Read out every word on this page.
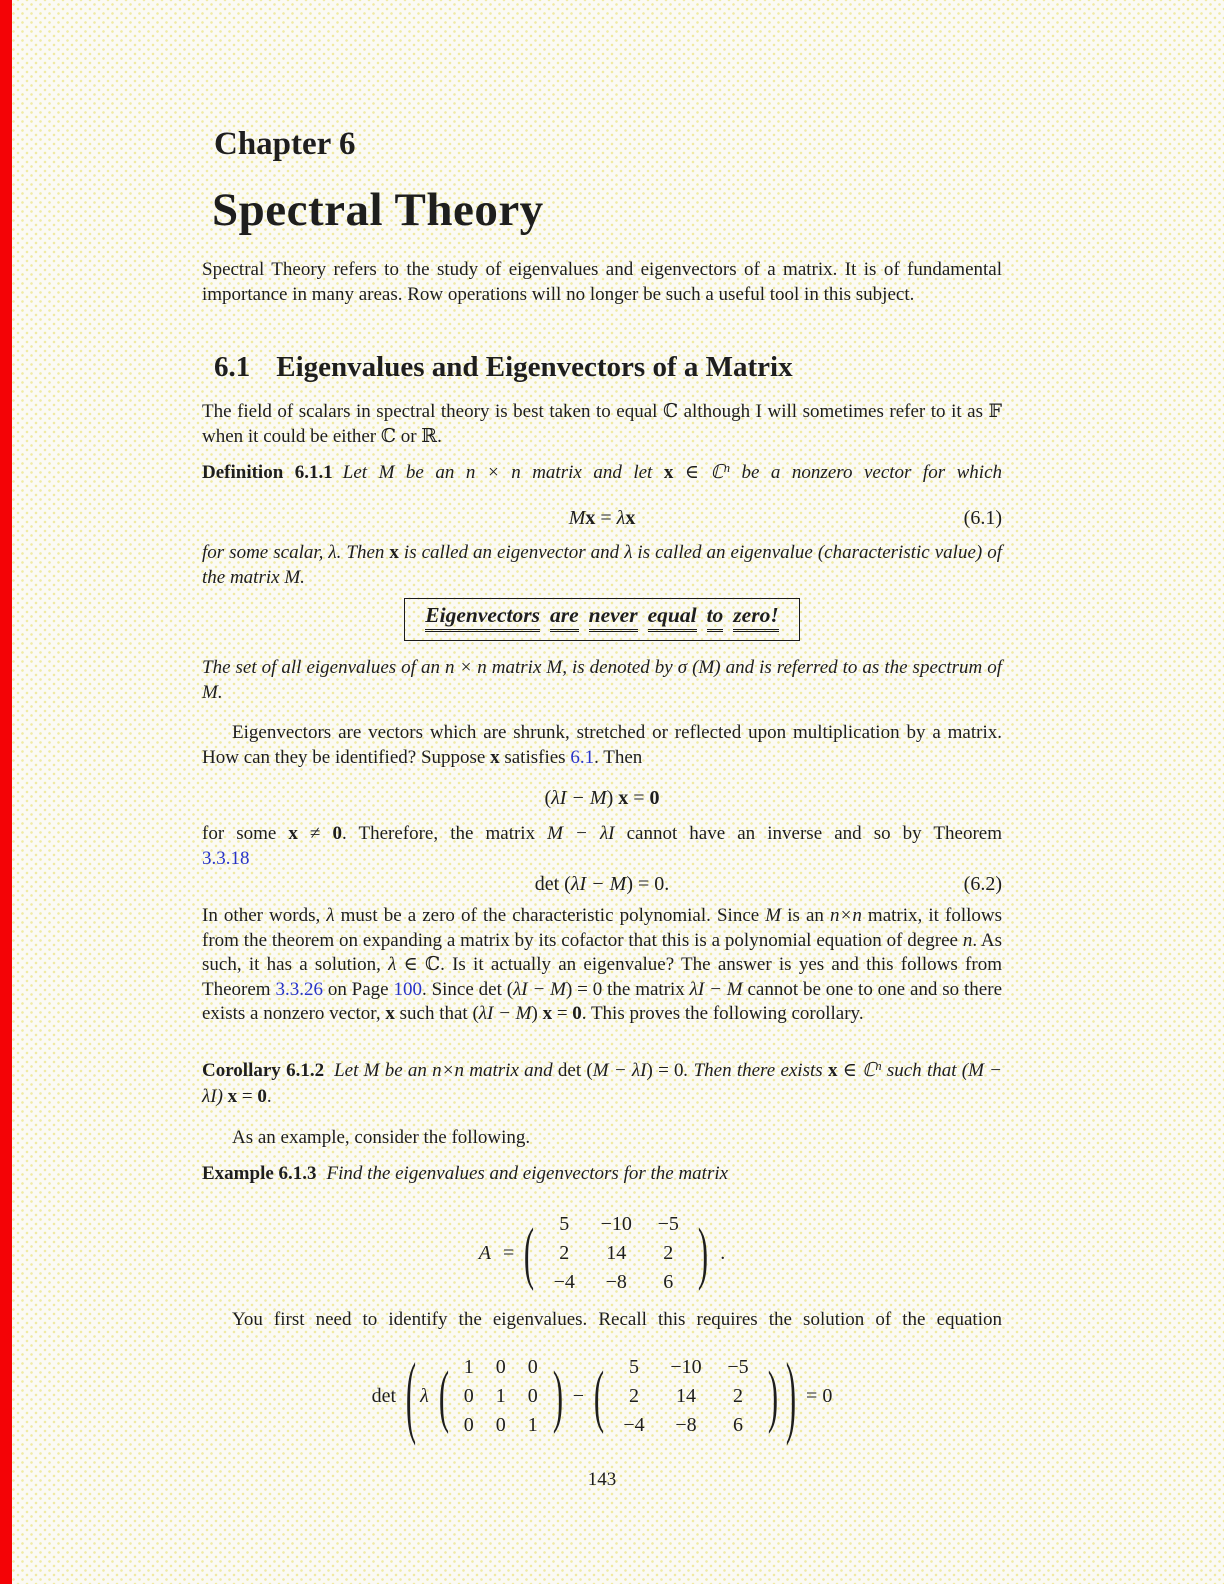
Chapter 6
Spectral Theory
Spectral Theory refers to the study of eigenvalues and eigenvectors of a matrix. It is of fundamental importance in many areas. Row operations will no longer be such a useful tool in this subject.
6.1 Eigenvalues and Eigenvectors of a Matrix
The field of scalars in spectral theory is best taken to equal ℂ although I will sometimes refer to it as 𝔽 when it could be either ℂ or ℝ.
Definition 6.1.1 Let M be an n × n matrix and let x ∈ ℂ$^n$ be a nonzero vector for which
Mx = λx	(6.1)
for some scalar, λ. Then x is called an eigenvector and λ is called an eigenvalue (characteristic value) of the matrix M.
Eigenvectors are never equal to zero!
The set of all eigenvalues of an n × n matrix M, is denoted by σ (M) and is referred to as the spectrum of M.
Eigenvectors are vectors which are shrunk, stretched or reflected upon multiplication by a matrix. How can they be identified? Suppose x satisfies 6.1. Then
(λI − M) x = 0
for some x ≠ 0. Therefore, the matrix M − λI cannot have an inverse and so by Theorem
3.3.18
det (λI − M) = 0.	(6.2)
In other words, λ must be a zero of the characteristic polynomial. Since M is an n×n matrix, it follows from the theorem on expanding a matrix by its cofactor that this is a polynomial equation of degree n. As such, it has a solution, λ ∈ ℂ. Is it actually an eigenvalue? The answer is yes and this follows from Theorem 3.3.26 on Page 100. Since det (λI − M) = 0 the matrix λI − M cannot be one to one and so there exists a nonzero vector, x such that (λI − M) x = 0. This proves the following corollary.
Corollary 6.1.2 Let M be an n×n matrix and det (M − λI) = 0. Then there exists x ∈ ℂ$^n$ such that (M − λI) x = 0.
As an example, consider the following.
Example 6.1.3 Find the eigenvalues and eigenvectors for the matrix
A = (	5	−10	−5
2	14	2
−4	−8	6 ) .
You first need to identify the eigenvalues. Recall this requires the solution of the equation
det ( λ ( 1	0	0
0	1	0
0	0	1 ) − (	5	−10	−5
2	14	2
−4	−8	6 ) ) = 0
143
